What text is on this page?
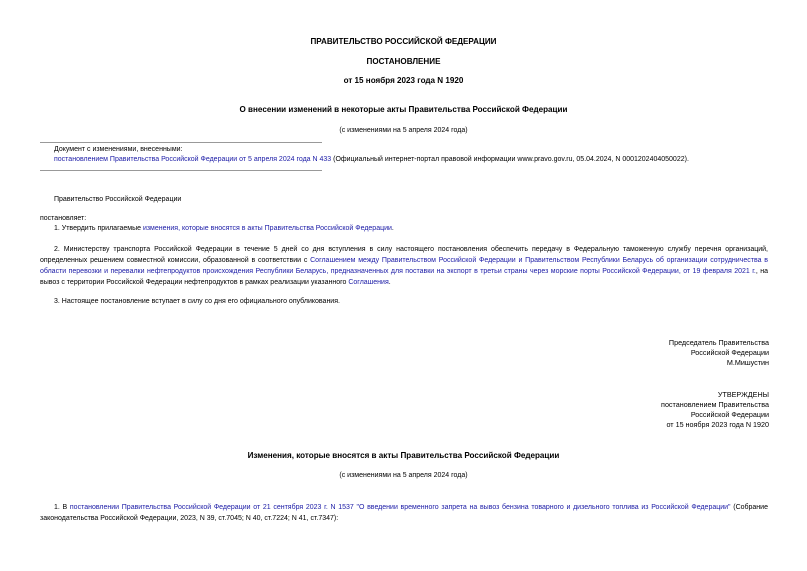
ПРАВИТЕЛЬСТВО РОССИЙСКОЙ ФЕДЕРАЦИИ
ПОСТАНОВЛЕНИЕ
от 15 ноября 2023 года N 1920
О внесении изменений в некоторые акты Правительства Российской Федерации
(с изменениями на 5 апреля 2024 года)
Документ с изменениями, внесенными:
постановлением Правительства Российской Федерации от 5 апреля 2024 года N 433 (Официальный интернет-портал правовой информации www.pravo.gov.ru, 05.04.2024, N 0001202404050022).
Правительство Российской Федерации
постановляет:
1. Утвердить прилагаемые изменения, которые вносятся в акты Правительства Российской Федерации.
2. Министерству транспорта Российской Федерации в течение 5 дней со дня вступления в силу настоящего постановления обеспечить передачу в Федеральную таможенную службу перечня организаций, определенных решением совместной комиссии, образованной в соответствии с Соглашением между Правительством Российской Федерации и Правительством Республики Беларусь об организации сотрудничества в области перевозки и перевалки нефтепродуктов происхождения Республики Беларусь, предназначенных для поставки на экспорт в третьи страны через морские порты Российской Федерации, от 19 февраля 2021 г., на вывоз с территории Российской Федерации нефтепродуктов в рамках реализации указанного Соглашения.
3. Настоящее постановление вступает в силу со дня его официального опубликования.
Председатель Правительства
Российской Федерации
М.Мишустин
УТВЕРЖДЕНЫ
постановлением Правительства
Российской Федерации
от 15 ноября 2023 года N 1920
Изменения, которые вносятся в акты Правительства Российской Федерации
(с изменениями на 5 апреля 2024 года)
1. В постановлении Правительства Российской Федерации от 21 сентября 2023 г. N 1537 "О введении временного запрета на вывоз бензина товарного и дизельного топлива из Российской Федерации" (Собрание законодательства Российской Федерации, 2023, N 39, ст.7045; N 40, ст.7224; N 41, ст.7347):
